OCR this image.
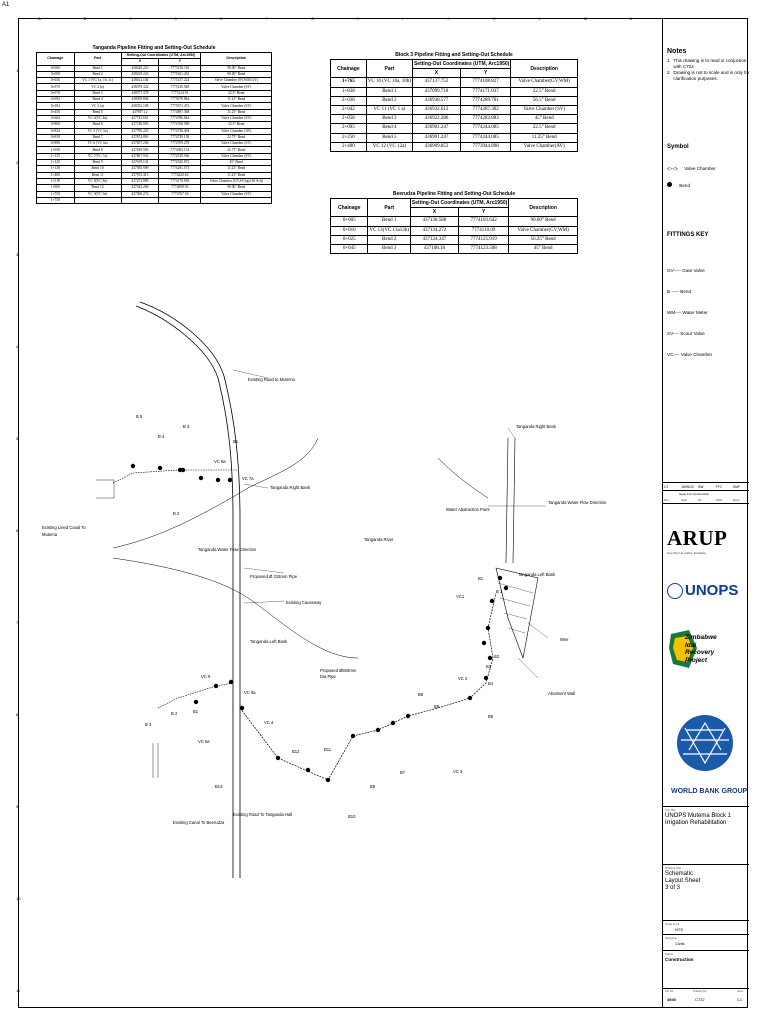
A1
A	B	C	D	E	F	G	H	I	J	K	L	M	N
1
2
3
4
5
6
7
8
9
10
11
Tanganda Pipeline Fitting and Setting-Out Schedule
Chainage	Part	Setting-Out Coordinates (UTM, Arc1950)		Description
		X	Y	
0+000	Bend 1	438420.223	7775156.118	90.00° Bend
0+008	Bend 2	438418.223	7775161.452	90.00° Bend
0+036	VC 1 (VC 1a, 1b, 1c)	438412.104	7775137.224	Valve Chamber (SV,WM,GV)
0+070	VC 2 (a)	438379.322	7775130.948	Valve Chamber (SV)
0+070	Bend 3	438377.378	7775124.91	22.5° Bend
0+092	Bend 4	438359.804	7775079.864	11.25° Bend
0+184	VC 3 (a)	438352.108	7775071.472	Valve Chamber (SV)
0+458	Bend 5	437697.12	7774897.368	11.25° Bend
0+604	VC 4(VC 4a)	437725.601	7774786.044	Valve Chamber (SV)
0+800	Bend 6	437740.905	7774768.589	22.5° Bend
0+834	VC 5 (VC 5a)	437700.225	7774746.404	Valve Chamber (AV)
0+838	Bend 7	437674.863	7774739.158	22.75° Bend
0+890	VC 6 (VC 6a)	437657.206	7774709.278	Valve Chamber (SV)
1+038	Bend 8	437639.583	7774583.132	22.75° Bend
1+135	VC 7(VC 7a)	437667.933	7774539.566	Valve Chamber (SV)
1+120	Bend 9	437619.141	7774520.872	45° Bend
1+138	Bend 10	437585.909	7774291.573	11.25° Bend
1+408	Bend 11	437553.413	7774220.63	11.25° Bend
1+518	VC 8(VC 8a)	437272.889	7774178.838	Valve Chamber (GV,SV,Sgr,Off Sch)
1+600	Bend 12	437343.269	7774099.93	90.00° Bend
1+750	VC 9(VC 9a)	437300.272	7774767.56	Valve Chamber (SV)
1+758				
Block 3 Pipeline Fitting and Setting-Out Schedule
Chainage	Part	Setting-Out Coordinates (UTM, Arc1950)		Description
		X	Y	
1+765	VC 10 (VC 10a, 10b)	437137.752	7774108.827	Valve Chamber(GV,WM)
1+838	Bend 1	437099.718	7774171.037	22.5° Bend
2+038	Bend 2	436938.577	7774289.701	56.5° Bend
2+042	VC 11 (VC 1 a)	436932.613	7774287.302	Valve Chamber (SV)
2+058	Bend 3	436922.286	7774282.883	45° Bend
2+095	Bend 4	436901.247	7774244.085	22.5° Bend
2+250	Bend 5	436901.247	7774244.085	11.25° Bend
2+400	VC 12 (VC 12a)	436909.853	7773944.898	Valve Chamber(AV)
Beerudza Pipeline Fitting and Setting-Out Schedule
Chainage	Part	Setting-Out Coordinates (UTM, Arc1950)		Description
		X	Y	
0+005	Bend 1	437138.588	7774103.642	90.00° Bend
0+010	VC 13(VC 13a13b)	437134.272	7774110.09	Valve Chamber(GV,WM)
0+025	Bend 2	437124.347	7774125.919	56.25° Bend
0+045	Bend 3	437108.18	7774123.508	45° Bend
B 5
B 4
B 3
B1
VC 8a
VC 7a
B 2
VC 9
VC 6a
B1
B 2
B 3
VC 5a
VC 4
B13
B12	B11
B10
B9
B8
B7	VC 3
B6
VC 2
B5
B4
B3
B2
B1
VC1
B 1
Existing Road to Mutema
Tanganda Right Bank
Tanganda Right Bank
Existing Lined Canal To
Mutema
Tanganda Water Flow Direction
Tanganda Water Flow Direction
Proposed Ø 315mm Pipe
Existing Causeway
Tanganda Left Bank
Tanganda Left Bank
Tanganda River
Water Abstraction Point
Proposed Ø500mm
Dia Pipe
Weir
Abutment Wall
Existing Canal To Beerudza
Existing Road To Tanganda Hall
Notes
1.  This drawing is to read in conjuction
with C722
2.  Drawing is not to scale and is only for
clarification purposes.
Symbol
-▷◁- Valve Chamber
Bend
FITTINGS KEY
GV----- Gate Valve
B ----- Bend
WM---- Water Meter
SV---- Scour Valve
VC---- Valve Chamber
C1	15/09/22	BW	PTC	GMF
Issue For Construction
Rev	Date	By	Chkd	Appd
ARUP
Arup (Pty) Ltd, Harare, Zimbabwe
UNOPS
Zimbabwe
Idai Recovery
Project
WORLD BANK GROUP
Job Title
UNOPS Mutema Block 1 Irrigation Rehabilitation
Drawing Title
Schematic Layout Sheet 3 of 3
Scale at A1
NTS
Discipline
Civils
Status
Construction
Job No	Drawing No	Issue
4940	C722	C1
